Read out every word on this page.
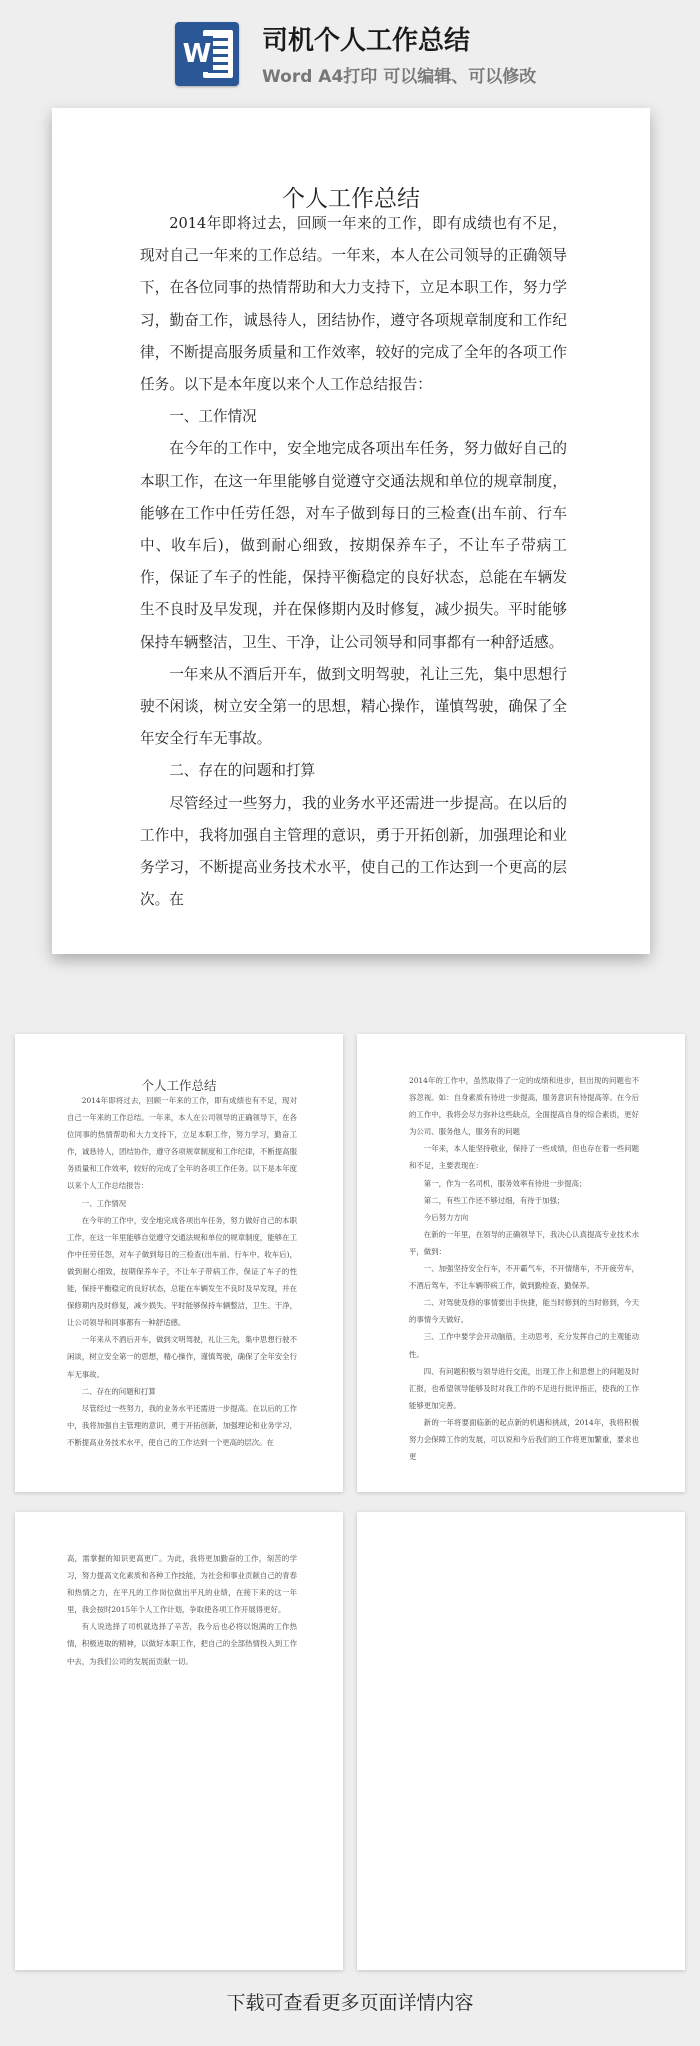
W 司机个人工作总结
Word A4打印 可以编辑、可以修改
个人工作总结

2014年即将过去，回顾一年来的工作，即有成绩也有不足，现对自己一年来的工作总结。一年来，本人在公司领导的正确领导下，在各位同事的热情帮助和大力支持下，立足本职工作，努力学习，勤奋工作，诚恳待人，团结协作，遵守各项规章制度和工作纪律，不断提高服务质量和工作效率，较好的完成了全年的各项工作任务。以下是本年度以来个人工作总结报告：

一、工作情况

在今年的工作中，安全地完成各项出车任务，努力做好自己的本职工作，在这一年里能够自觉遵守交通法规和单位的规章制度，能够在工作中任劳任怨，对车子做到每日的三检查(出车前、行车中、收车后)，做到耐心细致，按期保养车子，不让车子带病工作，保证了车子的性能，保持平衡稳定的良好状态，总能在车辆发生不良时及早发现，并在保修期内及时修复，减少损失。平时能够保持车辆整洁，卫生、干净，让公司领导和同事都有一种舒适感。

一年来从不酒后开车，做到文明驾驶，礼让三先，集中思想行驶不闲谈，树立安全第一的思想，精心操作，谨慎驾驶，确保了全年安全行车无事故。

二、存在的问题和打算

尽管经过一些努力，我的业务水平还需进一步提高。在以后的工作中，我将加强自主管理的意识，勇于开拓创新，加强理论和业务学习，不断提高业务技术水平，使自己的工作达到一个更高的层次。在

个人工作总结

2014年即将过去，回顾一年来的工作，即有成绩也有不足，现对自己一年来的工作总结。一年来，本人在公司领导的正确领导下，在各位同事的热情帮助和大力支持下，立足本职工作，努力学习，勤奋工作，诚恳待人，团结协作，遵守各项规章制度和工作纪律，不断提高服务质量和工作效率，较好的完成了全年的各项工作任务。以下是本年度以来个人工作总结报告：

一、工作情况

在今年的工作中，安全地完成各项出车任务，努力做好自己的本职工作，在这一年里能够自觉遵守交通法规和单位的规章制度，能够在工作中任劳任怨，对车子做到每日的三检查(出车前、行车中、收车后)，做到耐心细致，按期保养车子，不让车子带病工作，保证了车子的性能，保持平衡稳定的良好状态，总能在车辆发生不良时及早发现，并在保修期内及时修复，减少损失。平时能够保持车辆整洁，卫生、干净，让公司领导和同事都有一种舒适感。

一年来从不酒后开车，做到文明驾驶，礼让三先，集中思想行驶不闲谈，树立安全第一的思想，精心操作，谨慎驾驶，确保了全年安全行车无事故。

二、存在的问题和打算

尽管经过一些努力，我的业务水平还需进一步提高。在以后的工作中，我将加强自主管理的意识，勇于开拓创新，加强理论和业务学习，不断提高业务技术水平，使自己的工作达到一个更高的层次。在

2014年的工作中，虽然取得了一定的成绩和进步，但出现的问题也不容忽视。如：自身素质有待进一步提高，服务意识有待提高等。在今后的工作中，我将会尽力弥补这些缺点，全面提高自身的综合素质，更好为公司、服务他人，服务有的问题

一年来，本人能坚持敬业，保持了一些成绩，但也存在着一些问题和不足，主要表现在：

第一，作为一名司机，服务效率有待进一步提高；

第二，有些工作还不够过细，有待于加强；

今后努力方向

在新的一年里，在领导的正确领导下，我决心认真提高专业技术水平，做到：

一、加强坚持安全行车，不开霸气车，不开情绪车，不开疲劳车，不酒后驾车，不让车辆带病工作，做到勤检查、勤保养。

二、对驾驶及修的事情要出手快捷，能当时修到的当时修到，今天的事情今天做好。

三、工作中要学会开动脑筋，主动思考，充分发挥自己的主观能动性。

四、有问题积极与领导进行交流，出现工作上和思想上的问题及时汇报，也希望领导能够及时对我工作的不足进行批评指正，使我的工作能够更加完善。

新的一年将要面临新的起点新的机遇和挑战，2014年，我将积极努力会保障工作的发展，可以说和今后我们的工作将更加繁重，要求也更

高，需掌握的知识更高更广。为此，我将更加勤奋的工作，刻苦的学习，努力提高文化素质和各种工作技能，为社会和事业贡献自己的青春和热情之力，在平凡的工作岗位做出平凡的业绩，在接下来的这一年里，我会按时2015年个人工作计划，争取使各项工作开展得更好。

有人说选择了司机就选择了辛苦，我今后也必将以饱满的工作热情，积极进取的精神，以做好本职工作，把自己的全部热情投入到工作中去，为我们公司的发展而贡献一切。

下载可查看更多页面详情内容
